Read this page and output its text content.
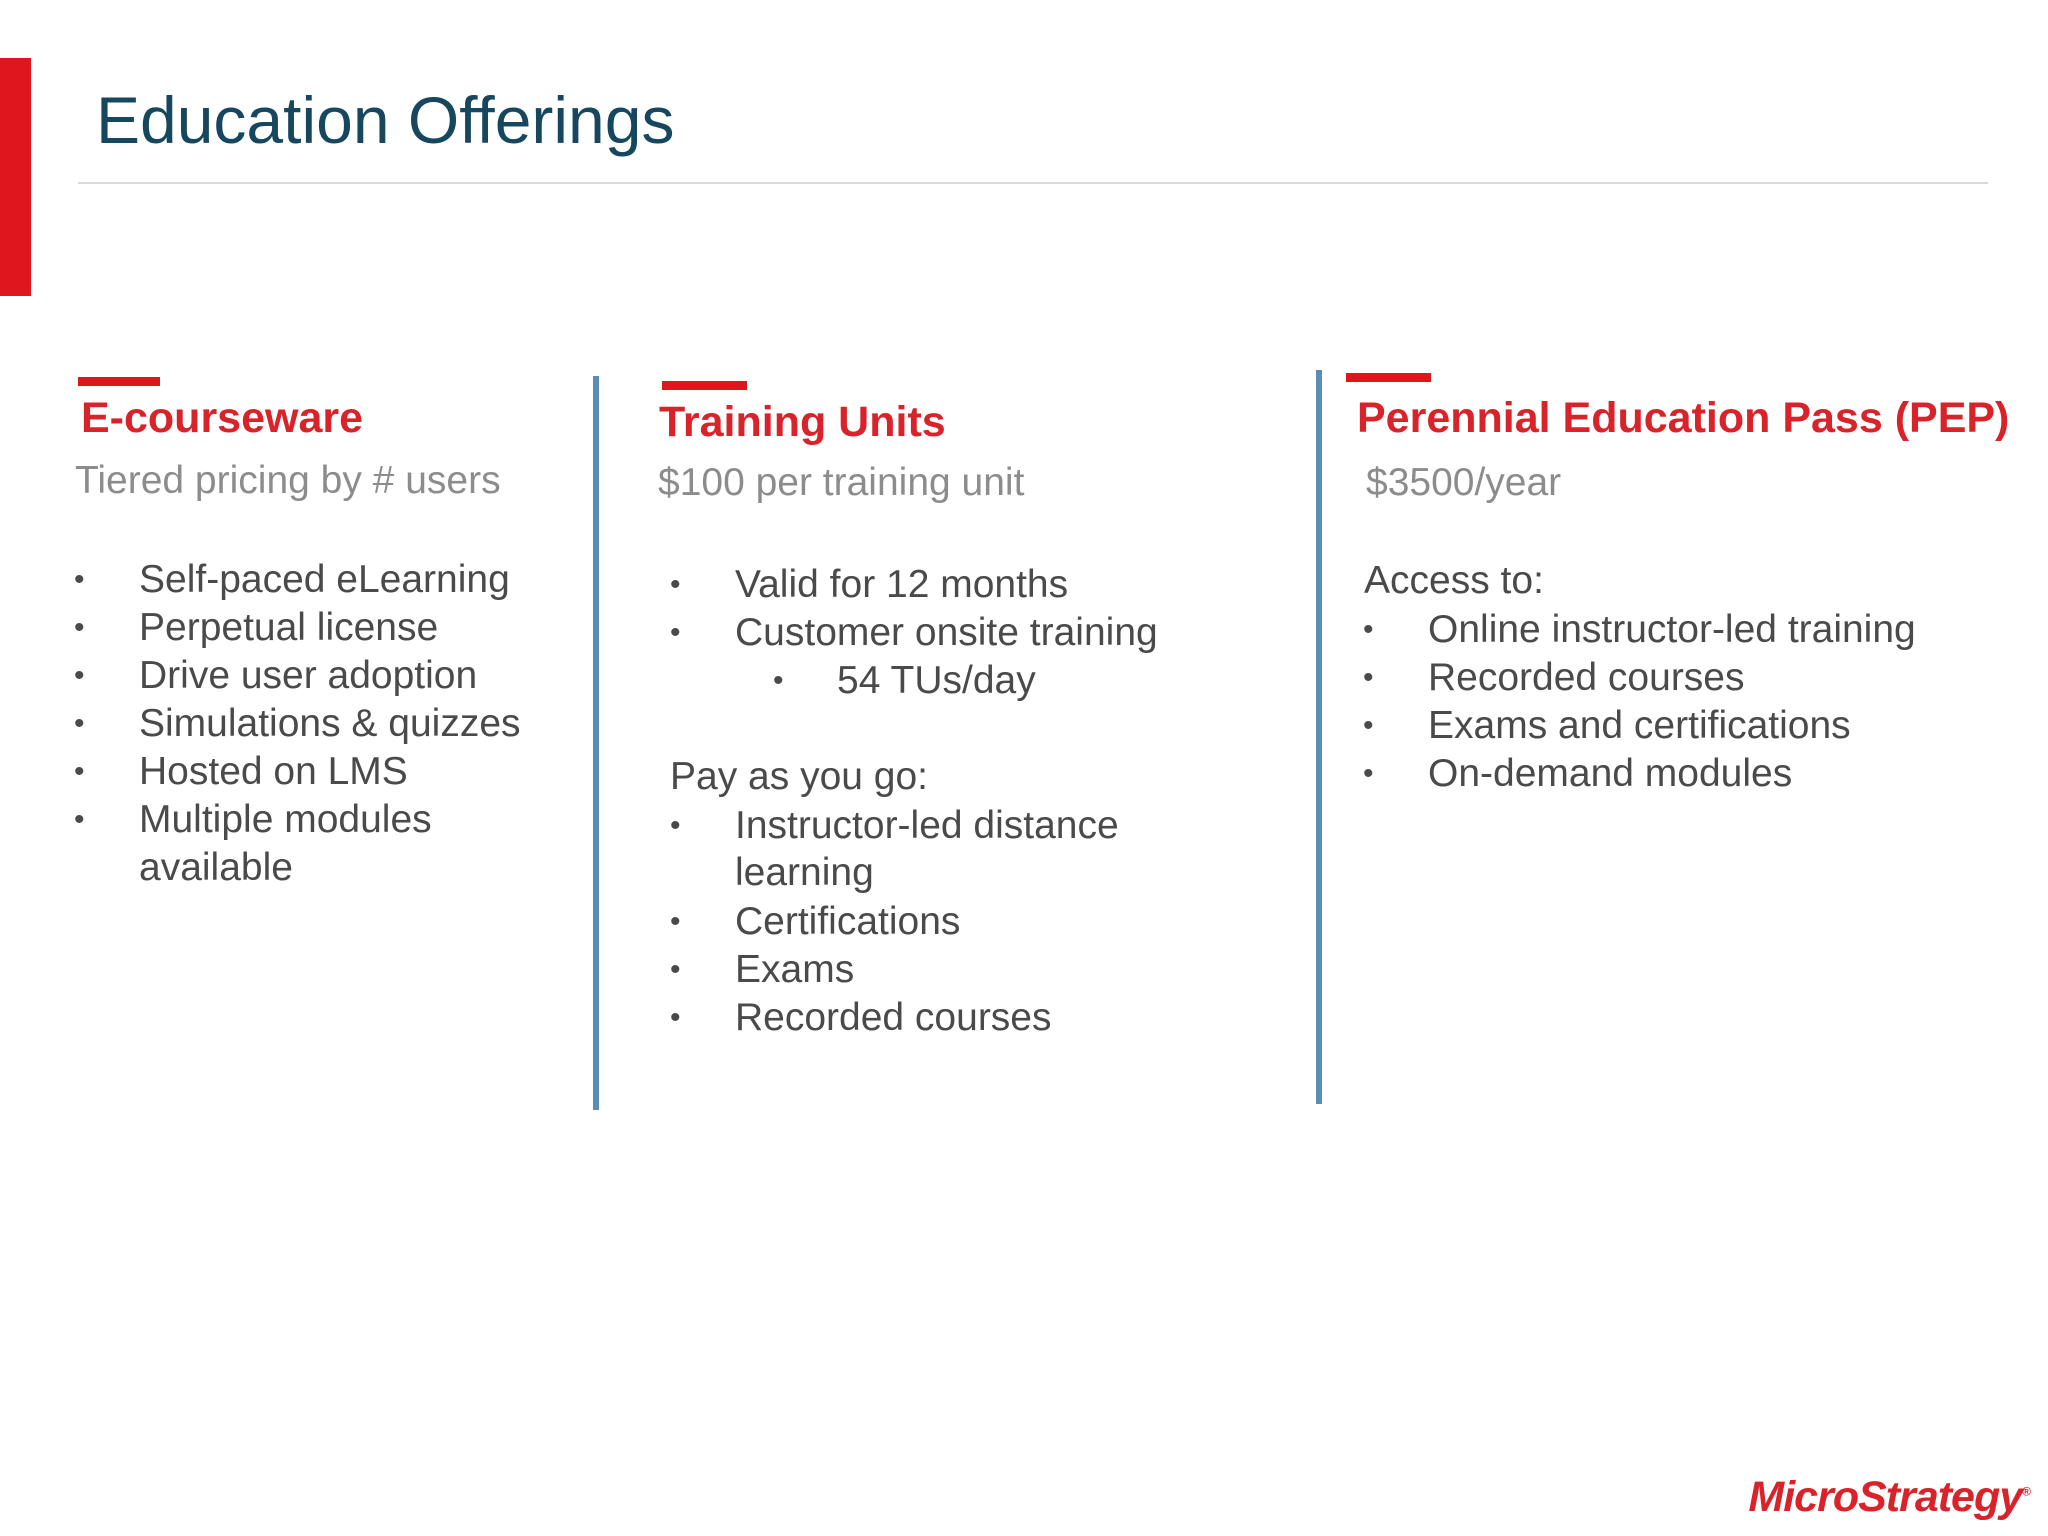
Education Offerings
E-courseware

Tiered pricing by # users

• Self-paced eLearning
• Perpetual license
• Drive user adoption
• Simulations & quizzes
• Hosted on LMS
• Multiple modules

available

Training Units

$100 per training unit

• Valid for 12 months
• Customer onsite training
• 54 TUs/day

Pay as you go:

• Instructor-led distance

learning

• Certifications
• Exams
• Recorded courses
Perennial Education Pass (PEP)

$3500/year

Access to:

• Online instructor-led training
• Recorded courses
• Exams and certifications
• On-demand modules
MicroStrategy®
